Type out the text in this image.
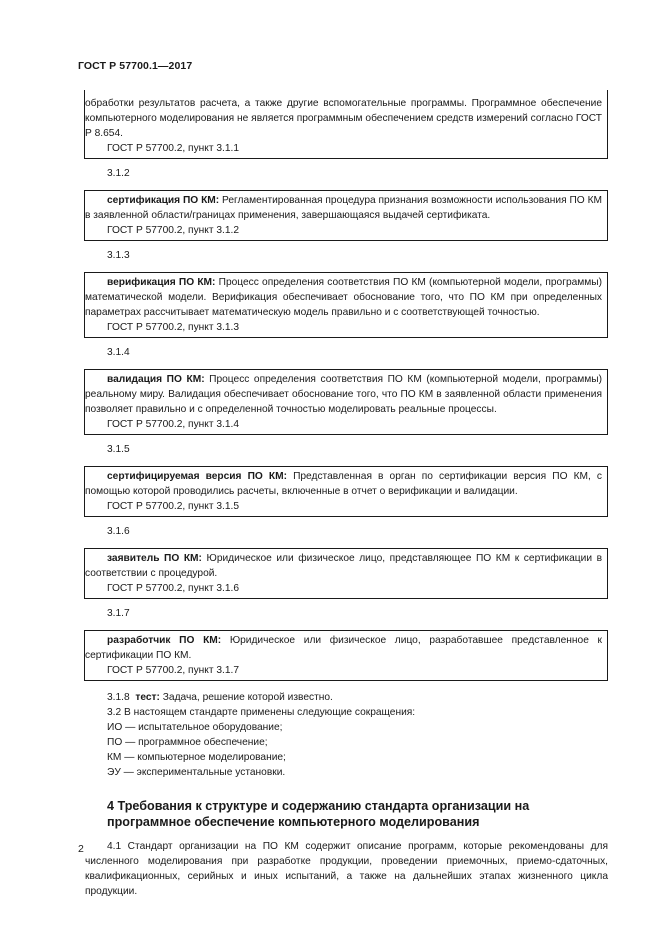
ГОСТ Р 57700.1—2017

обработки результатов расчета, а также другие вспомогательные программы. Программное обеспечение компьютерного моделирования не является программным обеспечением средств измерений согласно ГОСТ Р 8.654.

ГОСТ Р 57700.2, пункт 3.1.1

3.1.2

сертификация ПО КМ: Регламентированная процедура признания возможности использования ПО КМ в заявленной области/границах применения, завершающаяся выдачей сертификата.

ГОСТ Р 57700.2, пункт 3.1.2

3.1.3

верификация ПО КМ: Процесс определения соответствия ПО КМ (компьютерной модели, программы) математической модели. Верификация обеспечивает обоснование того, что ПО КМ при определенных параметрах рассчитывает математическую модель правильно и с соответствующей точностью.

ГОСТ Р 57700.2, пункт 3.1.3

3.1.4

валидация ПО КМ: Процесс определения соответствия ПО КМ (компьютерной модели, программы) реальному миру. Валидация обеспечивает обоснование того, что ПО КМ в заявленной области применения позволяет правильно и с определенной точностью моделировать реальные процессы.

ГОСТ Р 57700.2, пункт 3.1.4

3.1.5

сертифицируемая версия ПО КМ: Представленная в орган по сертификации версия ПО КМ, с помощью которой проводились расчеты, включенные в отчет о верификации и валидации.

ГОСТ Р 57700.2, пункт 3.1.5

3.1.6

заявитель ПО КМ: Юридическое или физическое лицо, представляющее ПО КМ к сертификации в соответствии с процедурой.

ГОСТ Р 57700.2, пункт 3.1.6

3.1.7

разработчик ПО КМ: Юридическое или физическое лицо, разработавшее представленное к сертификации ПО КМ.

ГОСТ Р 57700.2, пункт 3.1.7

3.1.8 тест: Задача, решение которой известно.

3.2 В настоящем стандарте применены следующие сокращения:

ИО — испытательное оборудование;

ПО — программное обеспечение;

КМ — компьютерное моделирование;

ЭУ — экспериментальные установки.

4 Требования к структуре и содержанию стандарта организации на программное обеспечение компьютерного моделирования

4.1 Стандарт организации на ПО КМ содержит описание программ, которые рекомендованы для численного моделирования при разработке продукции, проведении приемочных, приемо-сдаточных, квалификационных, серийных и иных испытаний, а также на дальнейших этапах жизненного цикла продукции.

2
